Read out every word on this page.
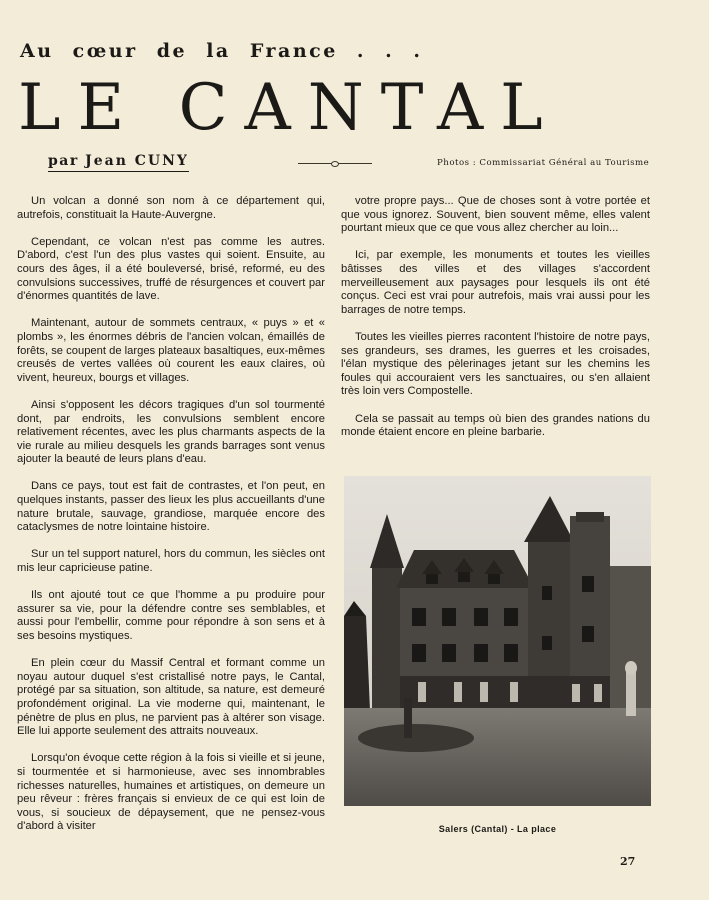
Au cœur de la France . . .
LE CANTAL
par Jean CUNY	Photos : Commissariat Général au Tourisme

Un volcan a donné son nom à ce département qui, autrefois, constituait la Haute-Auvergne.

Cependant, ce volcan n'est pas comme les autres. D'abord, c'est l'un des plus vastes qui soient. Ensuite, au cours des âges, il a été bouleversé, brisé, reformé, eu des convulsions successives, truffé de résurgences et couvert par d'énormes quantités de lave.

Maintenant, autour de sommets centraux, « puys » et « plombs », les énormes débris de l'ancien volcan, émaillés de forêts, se coupent de larges plateaux basaltiques, eux-mêmes creusés de vertes vallées où courent les eaux claires, où vivent, heureux, bourgs et villages.

Ainsi s'opposent les décors tragiques d'un sol tourmenté dont, par endroits, les convulsions semblent encore relativement récentes, avec les plus charmants aspects de la vie rurale au milieu desquels les grands barrages sont venus ajouter la beauté de leurs plans d'eau.

Dans ce pays, tout est fait de contrastes, et l'on peut, en quelques instants, passer des lieux les plus accueillants d'une nature brutale, sauvage, grandiose, marquée encore des cataclysmes de notre lointaine histoire.

Sur un tel support naturel, hors du commun, les siècles ont mis leur capricieuse patine.

Ils ont ajouté tout ce que l'homme a pu produire pour assurer sa vie, pour la défendre contre ses semblables, et aussi pour l'embellir, comme pour répondre à son sens et à ses besoins mystiques.

En plein cœur du Massif Central et formant comme un noyau autour duquel s'est cristallisé notre pays, le Cantal, protégé par sa situation, son altitude, sa nature, est demeuré profondément original. La vie moderne qui, maintenant, le pénètre de plus en plus, ne parvient pas à altérer son visage. Elle lui apporte seulement des attraits nouveaux.

Lorsqu'on évoque cette région à la fois si vieille et si jeune, si tourmentée et si harmonieuse, avec ses innombrables richesses naturelles, humaines et artistiques, on demeure un peu rêveur : frères français si envieux de ce qui est loin de vous, si soucieux de dépaysement, que ne pensez-vous d'abord à visiter

votre propre pays... Que de choses sont à votre portée et que vous ignorez. Souvent, bien souvent même, elles valent pourtant mieux que ce que vous allez chercher au loin...

Ici, par exemple, les monuments et toutes les vieilles bâtisses des villes et des villages s'accordent merveilleusement aux paysages pour lesquels ils ont été conçus. Ceci est vrai pour autrefois, mais vrai aussi pour les barrages de notre temps.

Toutes les vieilles pierres racontent l'histoire de notre pays, ses grandeurs, ses drames, les guerres et les croisades, l'élan mystique des pèlerinages jetant sur les chemins les foules qui accouraient vers les sanctuaires, ou s'en allaient très loin vers Compostelle.

Cela se passait au temps où bien des grandes nations du monde étaient encore en pleine barbarie.

Salers (Cantal) - La place
27
